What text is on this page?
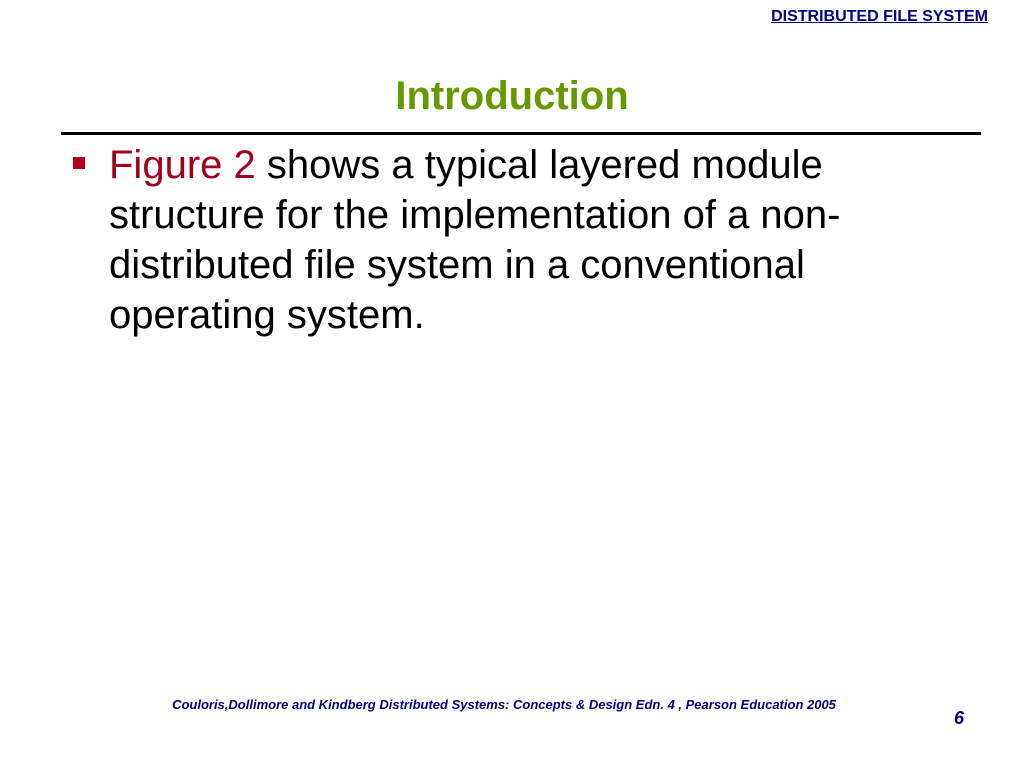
DISTRIBUTED FILE SYSTEM
Introduction
Figure 2 shows a typical layered module structure for the implementation of a non-distributed file system in a conventional operating system.
Couloris,Dollimore and Kindberg Distributed Systems: Concepts & Design Edn. 4 , Pearson Education 2005
6
